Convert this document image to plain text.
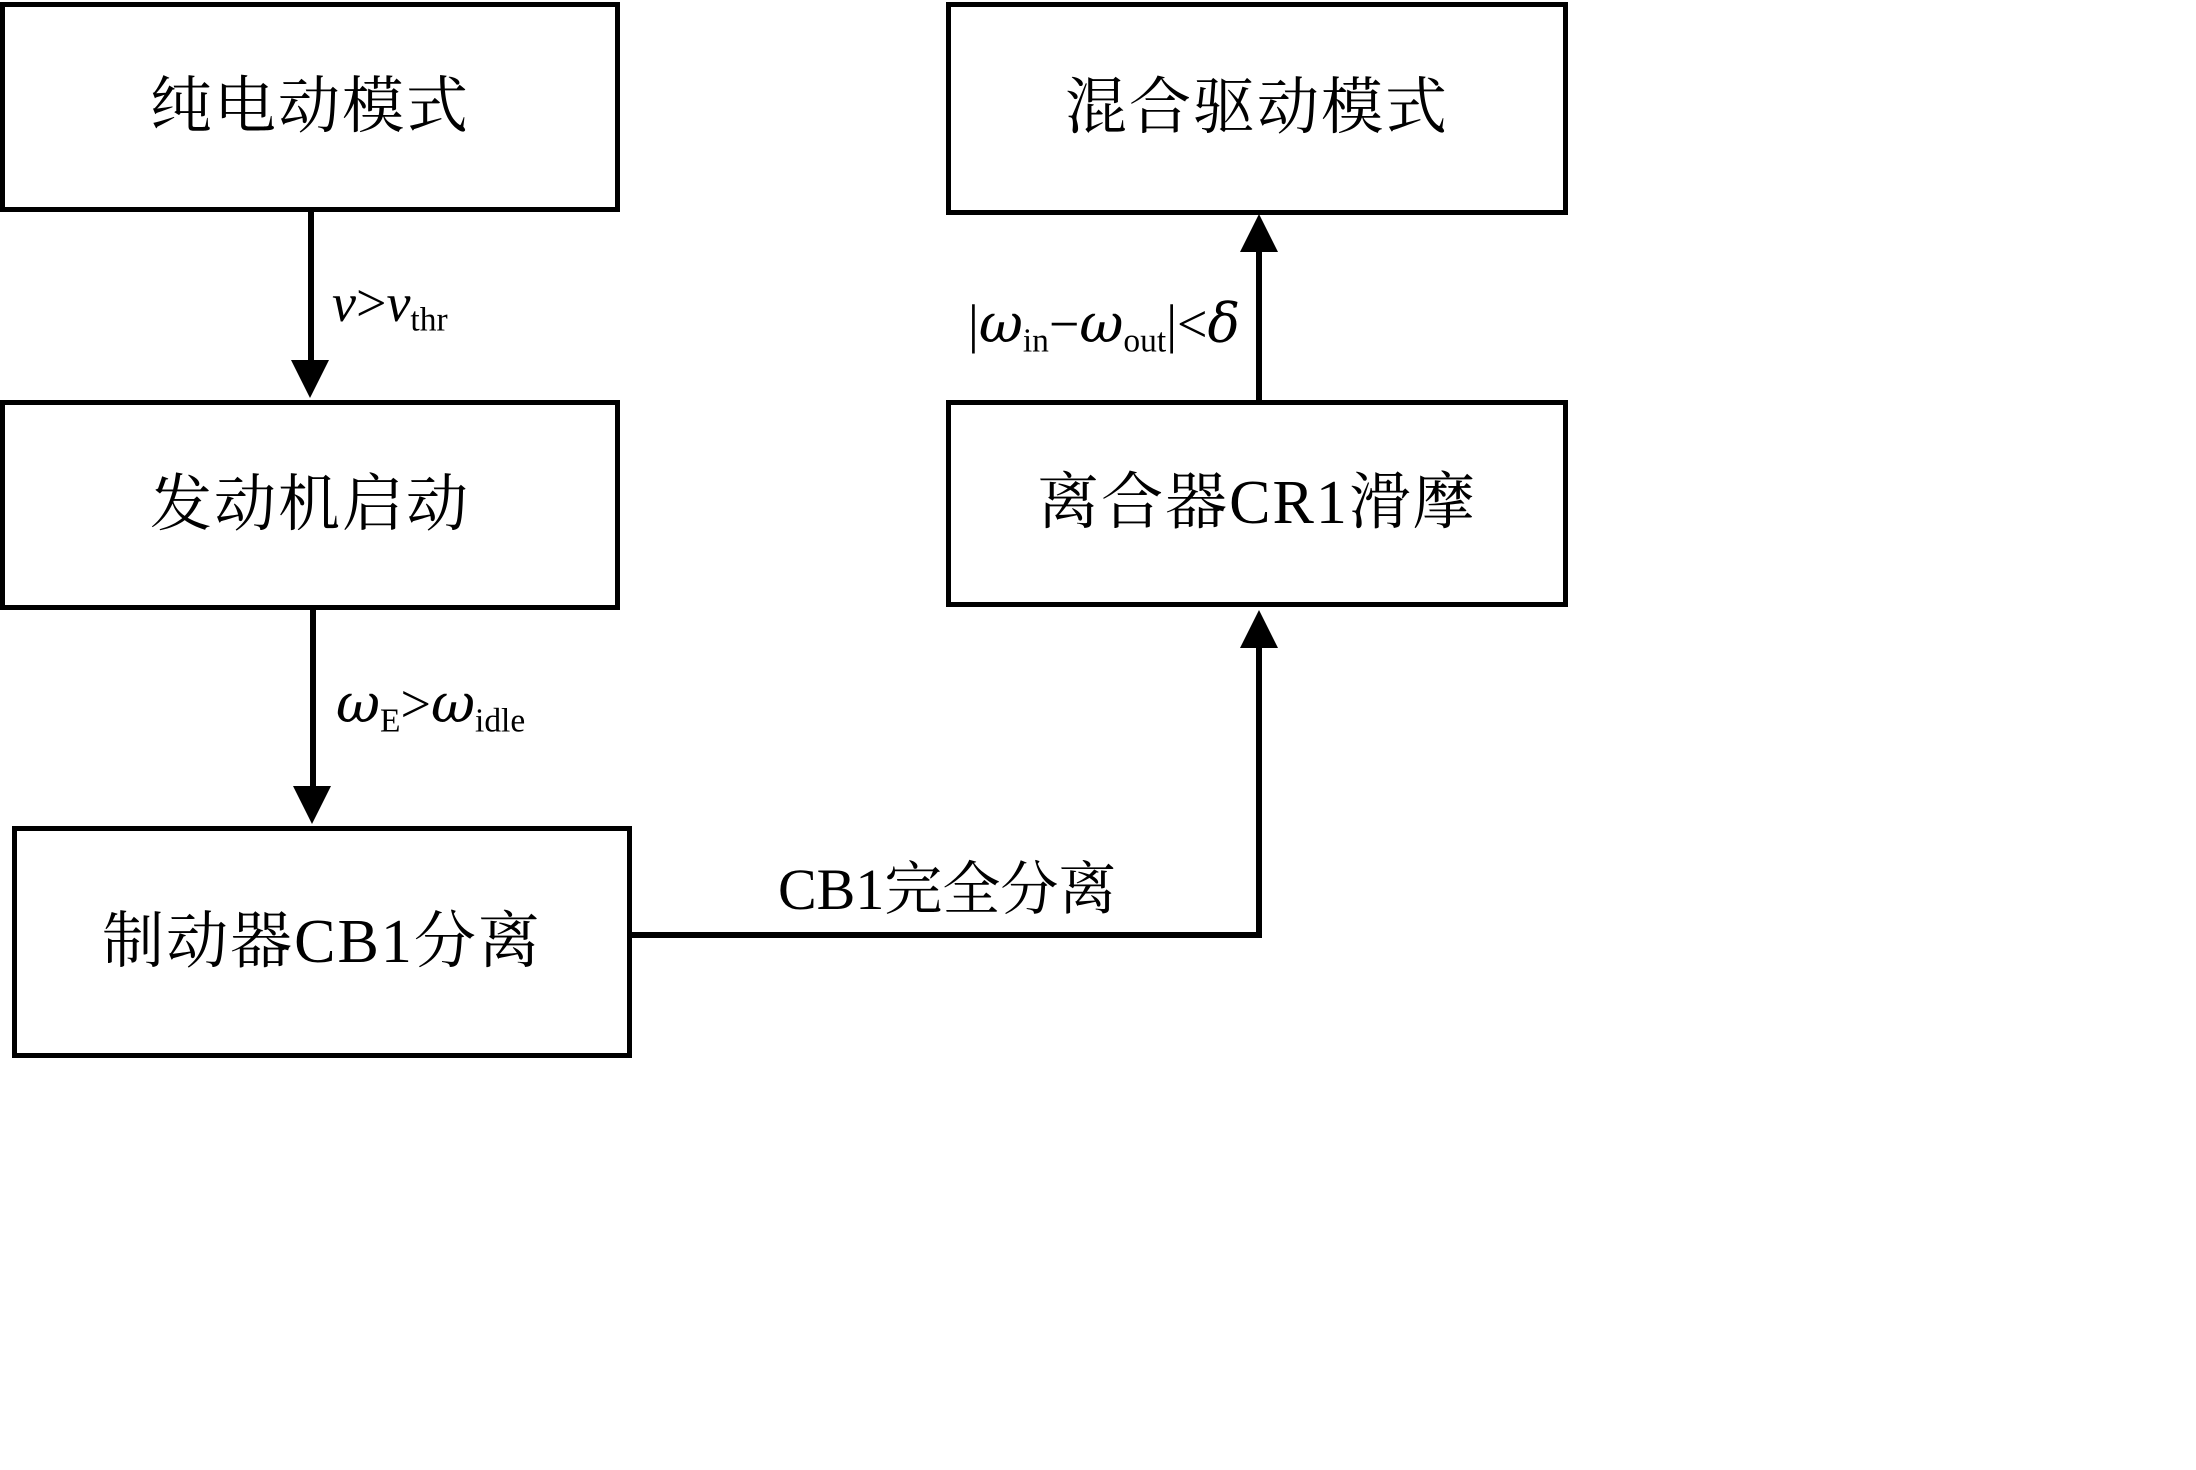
纯电动模式
发动机启动
制动器CB1分离
离合器CR1滑摩
混合驱动模式
$v>v_{thr}$
$\omega_E>\omega_{idle}$
CB1完全分离
$|\omega_{in}-\omega_{out}|<\delta$
